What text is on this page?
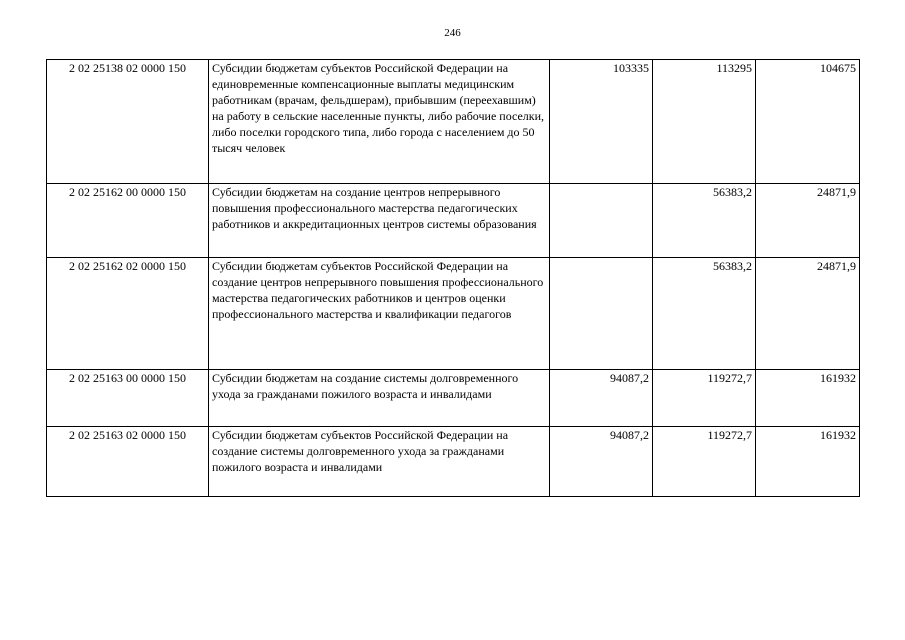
246
2 02 25138 02 0000 150	Субсидии бюджетам субъектов Российской Федерации на единовременные компенсационные выплаты медицинским работникам (врачам, фельдшерам), прибывшим (переехавшим) на работу в сельские населенные пункты, либо рабочие поселки, либо поселки городского типа, либо города с населением до 50 тысяч человек	103335	113295	104675
2 02 25162 00 0000 150	Субсидии бюджетам на создание центров непрерывного повышения профессионального мастерства педагогических работников и аккредитационных центров системы образования		56383,2	24871,9
2 02 25162 02 0000 150	Субсидии бюджетам субъектов Российской Федерации на создание центров непрерывного повышения профессионального мастерства педагогических работников и центров оценки профессионального мастерства и квалификации педагогов		56383,2	24871,9
2 02 25163 00 0000 150	Субсидии бюджетам на создание системы долговременного ухода за гражданами пожилого возраста и инвалидами	94087,2	119272,7	161932
2 02 25163 02 0000 150	Субсидии бюджетам субъектов Российской Федерации на создание системы долговременного ухода за гражданами пожилого возраста и инвалидами	94087,2	119272,7	161932
